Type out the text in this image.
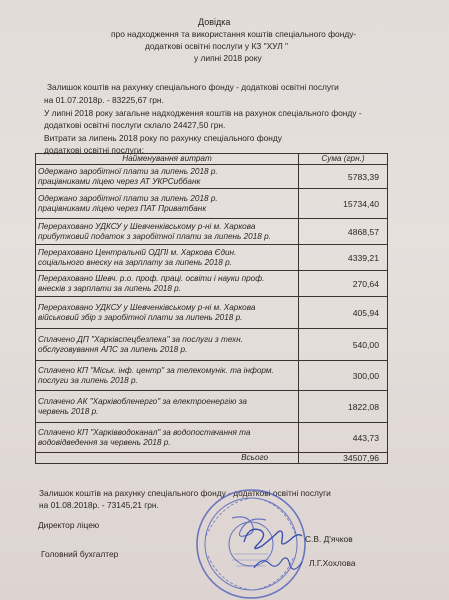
Довідка
про надходження та використання коштів спеціального фонду-
додаткові освітні послуги у КЗ "ХУЛ "
у липні 2018 року
Залишок коштів на рахунку спеціального фонду - додаткові освітні послуги
на 01.07.2018р. - 83225,67 грн.
У липні 2018 року загальне надходження коштів на рахунок спеціального фонду -
додаткові освітні послуги склало 24427,50 грн.
Витрати за липень 2018 року по рахунку спеціального фонду
додаткові освітні послуги:
Найменування витрат	Сума (грн.)

Одержано заробітної плати за липень 2018 р.
працівниками ліцею через АТ УКРСиббанк	5783,39

Одержано заробітної плати за липень 2018 р.
працівниками ліцею через ПАТ Приватбанк	15734,40

Перераховано УДКСУ у Шевченківському р-ні м. Харкова
прибутковий податок з заробітної плати за липень 2018 р.	4868,57

Перераховано Центральній ОДПІ м. Харкова Єдин.
соціального внеску на зарплату за липень 2018 р.	4339,21

Перераховано Шевч. р.о. проф. праці. освіти і науки проф.
внесків з зарплати за липень 2018 р.	270,64

Перераховано УДКСУ у Шевченківському р-ні м. Харкова
військовий збір з заробітної плати за липень 2018 р.	405,94

Сплачено ДП "Харківспецбезпека" за послуги з техн.
обслуговування АПС за липень 2018 р.	540,00

Сплачено КП "Міськ. інф. центр" за телекомунік. та інформ.
послуги за липень 2018 р.	300,00

Сплачено АК "Харківобленерго" за електроенергію за
червень 2018 р.	1822,08

Сплачено КП "Харківводоканал" за водопостачання та
водовідведення за червень 2018 р.	443,73
Всього	34507,96
Залишок коштів на рахунку спеціального фонду - додаткові освітні послуги
на 01.08.2018р. - 73145,21 грн.
Директор ліцею
С.В. Д'ячков
Головний бухгалтер
Л.Г.Хохлова
